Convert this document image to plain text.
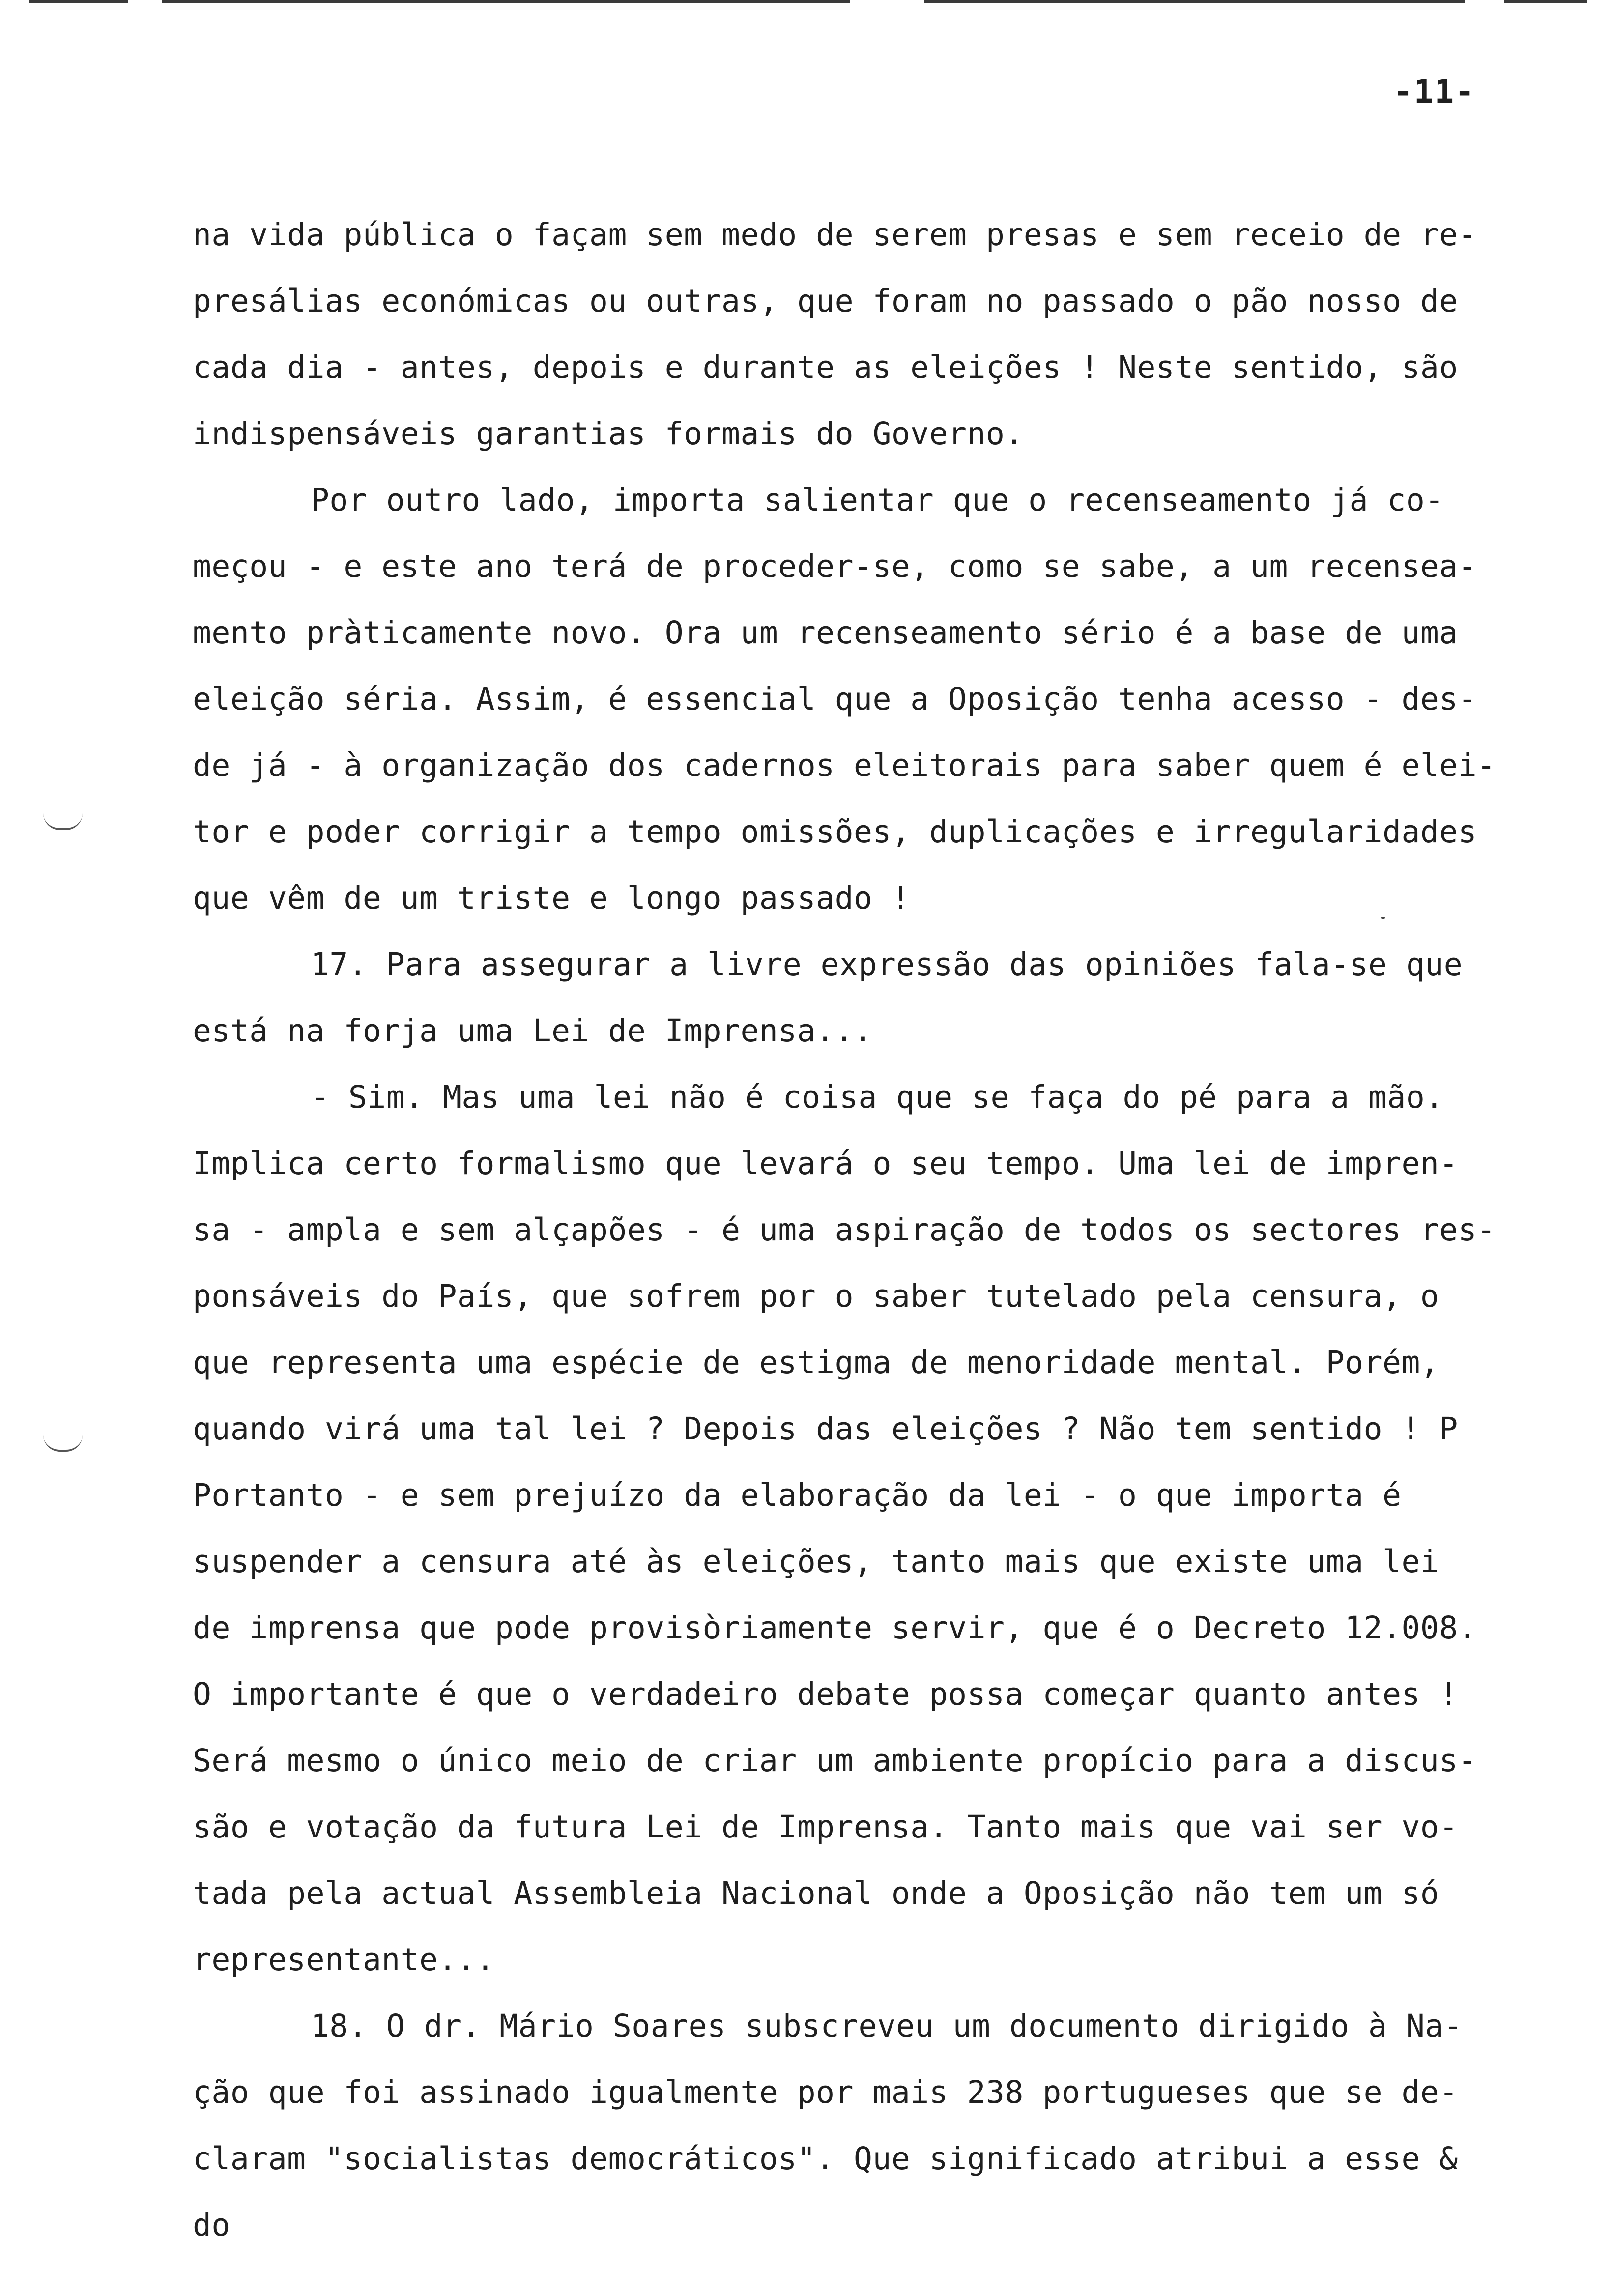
-11-
na vida pública o façam sem medo de serem presas e sem receio de re-
presálias económicas ou outras, que foram no passado o pão nosso de
cada dia - antes, depois e durante as eleições ! Neste sentido, são
indispensáveis garantias formais do Governo.
Por outro lado, importa salientar que o recenseamento já co-
meçou - e este ano terá de proceder-se, como se sabe, a um recensea-
mento pràticamente novo. Ora um recenseamento sério é a base de uma
eleição séria. Assim, é essencial que a Oposição tenha acesso - des-
de já - à organização dos cadernos eleitorais para saber quem é elei-
tor e poder corrigir a tempo omissões, duplicações e irregularidades
que vêm de um triste e longo passado !
17. Para assegurar a livre expressão das opiniões fala-se que
está na forja uma Lei de Imprensa...
- Sim. Mas uma lei não é coisa que se faça do pé para a mão.
Implica certo formalismo que levará o seu tempo. Uma lei de impren-
sa - ampla e sem alçapões - é uma aspiração de todos os sectores res-
ponsáveis do País, que sofrem por o saber tutelado pela censura, o
que representa uma espécie de estigma de menoridade mental. Porém,
quando virá uma tal lei ? Depois das eleições ? Não tem sentido ! P
Portanto - e sem prejuízo da elaboração da lei - o que importa é
suspender a censura até às eleições, tanto mais que existe uma lei
de imprensa que pode provisòriamente servir, que é o Decreto 12.008.
O importante é que o verdadeiro debate possa começar quanto antes !
Será mesmo o único meio de criar um ambiente propício para a discus-
são e votação da futura Lei de Imprensa. Tanto mais que vai ser vo-
tada pela actual Assembleia Nacional onde a Oposição não tem um só
representante...
18. O dr. Mário Soares subscreveu um documento dirigido à Na-
ção que foi assinado igualmente por mais 238 portugueses que se de-
claram "socialistas democráticos". Que significado atribui a esse &
do
